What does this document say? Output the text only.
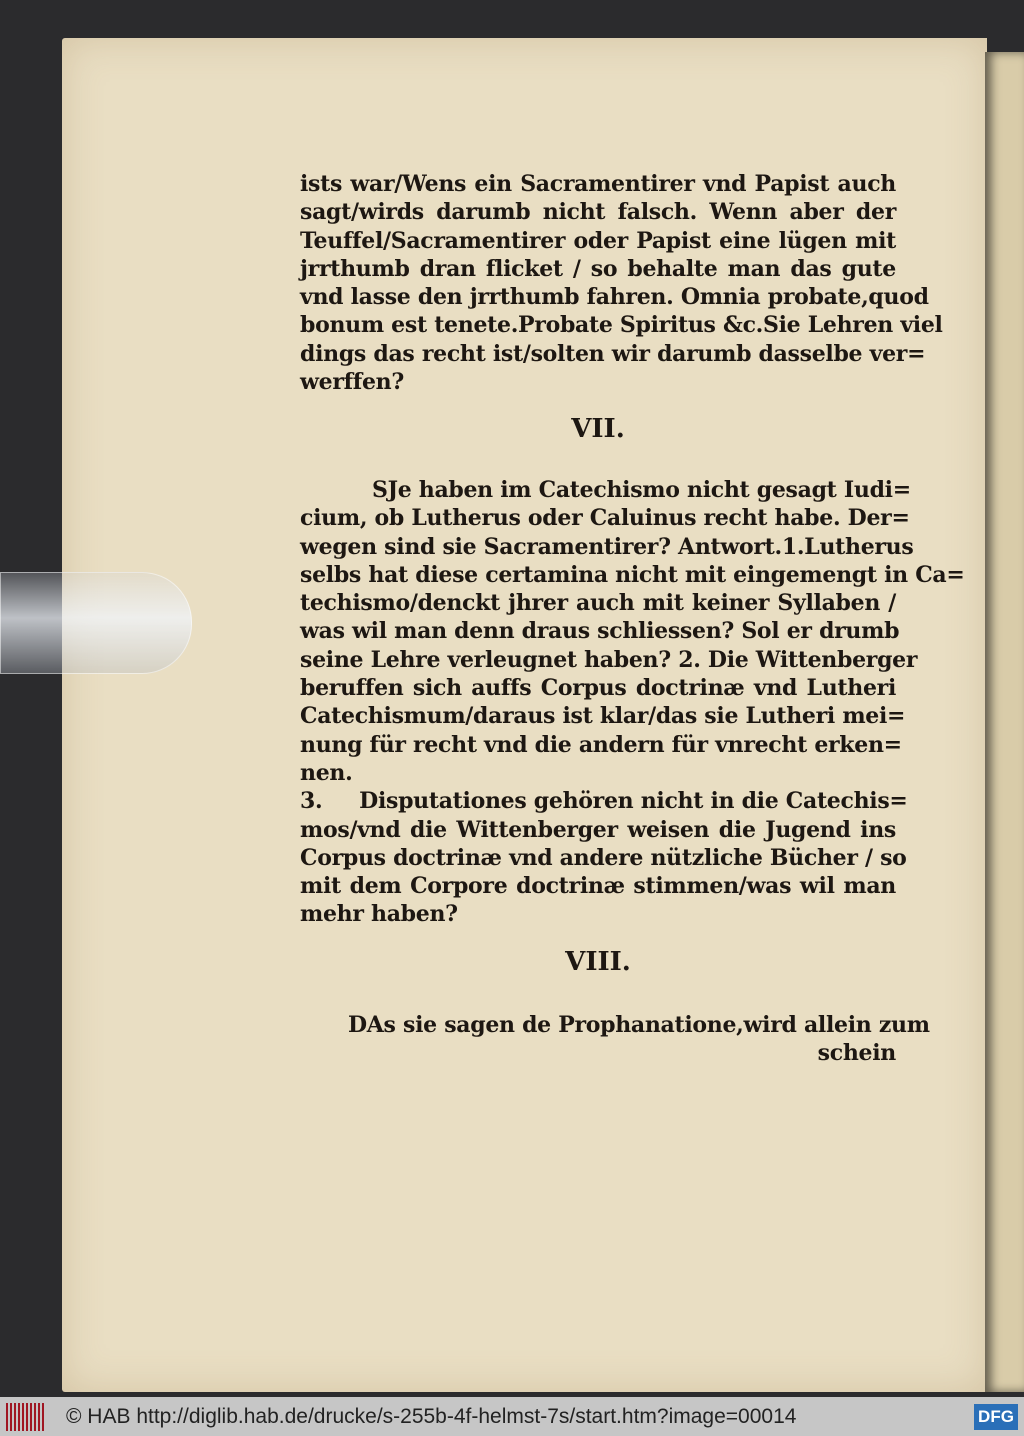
ists war/Wens ein Sacramentirer vnd Papist auch
sagt/wirds darumb nicht falsch. Wenn aber der
Teuffel/Sacramentirer oder Papist eine lügen mit
jrrthumb dran flicket / so behalte man das gute
vnd lasse den jrrthumb fahren. Omnia probate,quod
bonum est tenete.Probate Spiritus &c.Sie Lehren viel
dings das recht ist/solten wir darumb dasselbe ver=
werffen?
VII.
SJe haben im Catechismo nicht gesagt Iudi=
cium, ob Lutherus oder Caluinus recht habe. Der=
wegen sind sie Sacramentirer? Antwort.1.Lutherus
selbs hat diese certamina nicht mit eingemengt in Ca=
techismo/denckt jhrer auch mit keiner Syllaben /
was wil man denn draus schliessen? Sol er drumb
seine Lehre verleugnet haben? 2. Die Wittenberger
beruffen sich auffs Corpus doctrinæ vnd Lutheri
Catechismum/daraus ist klar/das sie Lutheri mei=
nung für recht vnd die andern für vnrecht erken=
nen.
3.     Disputationes gehören nicht in die Catechis=
mos/vnd die Wittenberger weisen die Jugend ins
Corpus doctrinæ vnd andere nützliche Bücher / so
mit dem Corpore doctrinæ stimmen/was wil man
mehr haben?
VIII.
DAs sie sagen de Prophanatione,wird allein zum
schein
© HAB http://diglib.hab.de/drucke/s-255b-4f-helmst-7s/start.htm?image=00014	DFG
